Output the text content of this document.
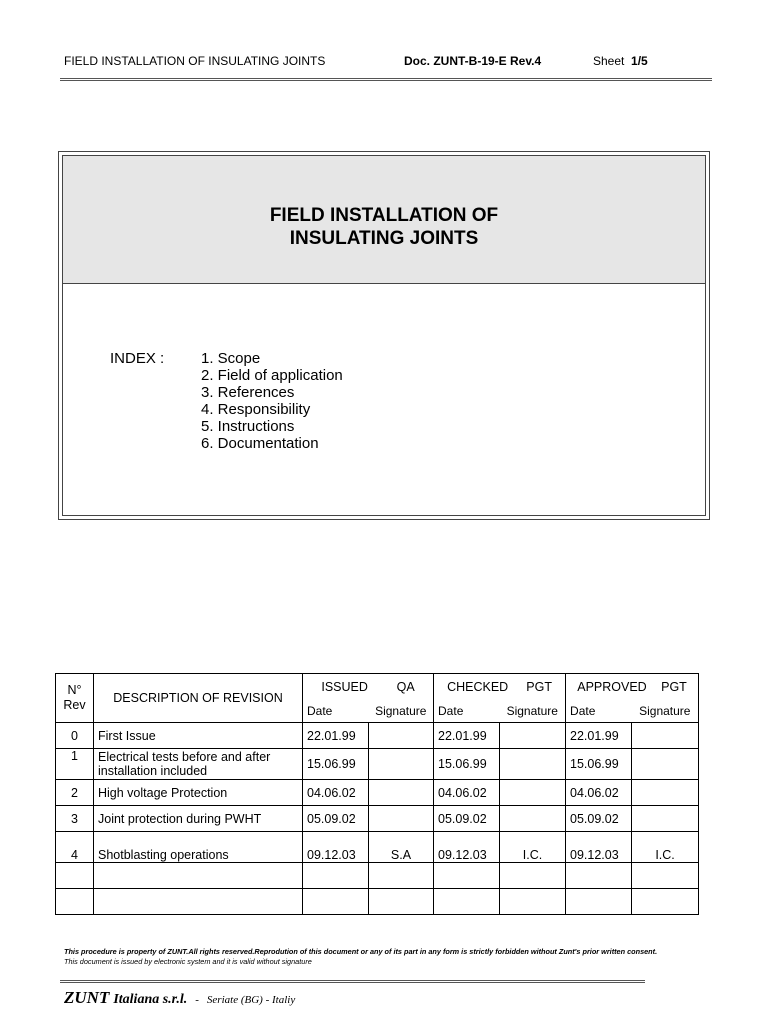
FIELD INSTALLATION OF INSULATING JOINTS	Doc. ZUNT-B-19-E Rev.4	Sheet 1/5
FIELD INSTALLATION OF
INSULATING JOINTS
INDEX : 1. Scope
2. Field of application
3. References
4. Responsibility
5. Instructions
6. Documentation
N° Rev	DESCRIPTION OF REVISION	ISSUED QA		CHECKED PGT		APPROVED PGT	

		Date	Signature	Date	Signature	Date	Signature
0	First Issue	22.01.99		22.01.99		22.01.99	
1	Electrical tests before and after installation included	15.06.99		15.06.99		15.06.99	
2	High voltage Protection	04.06.02		04.06.02		04.06.02	
3	Joint protection during PWHT	05.09.02		05.09.02		05.09.02	
4	Shotblasting operations	09.12.03	S.A	09.12.03	I.C.	09.12.03	I.C.

This procedure is property of ZUNT.All rights reserved.Reprodution of this document or any of its part in any form is strictly forbidden without Zunt's prior written consent.
This document is issued by electronic system and it is valid without signature
ZUNT Italiana s.r.l. - Seriate (BG) - Italiy
